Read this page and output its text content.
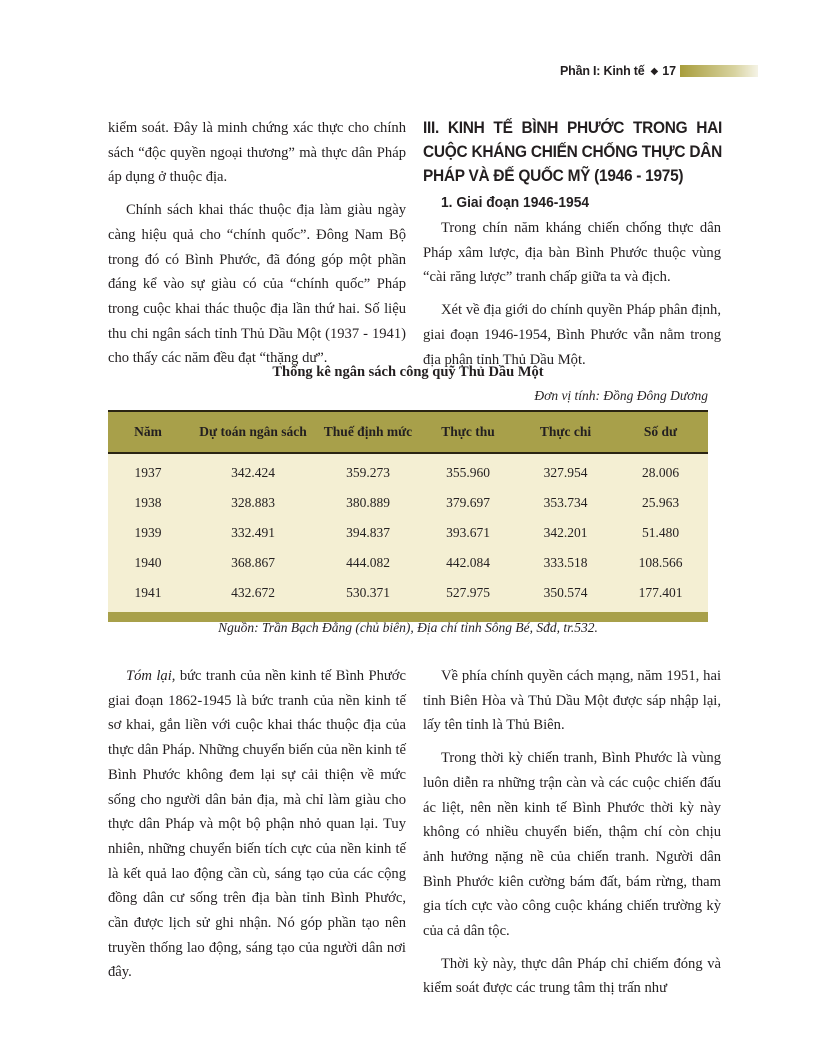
Phần I: Kinh tế ◆ 17

kiểm soát. Đây là minh chứng xác thực cho chính sách “độc quyền ngoại thương” mà thực dân Pháp áp dụng ở thuộc địa.

Chính sách khai thác thuộc địa làm giàu ngày càng hiệu quả cho “chính quốc”. Đông Nam Bộ trong đó có Bình Phước, đã đóng góp một phần đáng kể vào sự giàu có của “chính quốc” Pháp trong cuộc khai thác thuộc địa lần thứ hai. Số liệu thu chi ngân sách tỉnh Thủ Dầu Một (1937 - 1941) cho thấy các năm đều đạt “thặng dư”.

III. KINH TẾ BÌNH PHƯỚC TRONG HAI CUỘC KHÁNG CHIẾN CHỐNG THỰC DÂN PHÁP VÀ ĐẾ QUỐC MỸ (1946 - 1975)
1. Giai đoạn 1946-1954

Trong chín năm kháng chiến chống thực dân Pháp xâm lược, địa bàn Bình Phước thuộc vùng “cài răng lược” tranh chấp giữa ta và địch.

Xét về địa giới do chính quyền Pháp phân định, giai đoạn 1946-1954, Bình Phước vẫn nằm trong địa phận tỉnh Thủ Dầu Một.

Thống kê ngân sách công quỹ Thủ Dầu Một
Đơn vị tính: Đồng Đông Dương
Năm	Dự toán ngân sách	Thuế định mức	Thực thu	Thực chi	Số dư
1937	342.424	359.273	355.960	327.954	28.006
1938	328.883	380.889	379.697	353.734	25.963
1939	332.491	394.837	393.671	342.201	51.480
1940	368.867	444.082	442.084	333.518	108.566
1941	432.672	530.371	527.975	350.574	177.401
Nguồn: Trần Bạch Đằng (chủ biên), Địa chí tỉnh Sông Bé, Sđd, tr.532.

Tóm lại, bức tranh của nền kinh tế Bình Phước giai đoạn 1862-1945 là bức tranh của nền kinh tế sơ khai, gắn liền với cuộc khai thác thuộc địa của thực dân Pháp. Những chuyển biến của nền kinh tế Bình Phước không đem lại sự cải thiện về mức sống cho người dân bản địa, mà chỉ làm giàu cho thực dân Pháp và một bộ phận nhỏ quan lại. Tuy nhiên, những chuyển biến tích cực của nền kinh tế là kết quả lao động cần cù, sáng tạo của các cộng đồng dân cư sống trên địa bàn tỉnh Bình Phước, cần được lịch sử ghi nhận. Nó góp phần tạo nên truyền thống lao động, sáng tạo của người dân nơi đây.

Về phía chính quyền cách mạng, năm 1951, hai tỉnh Biên Hòa và Thủ Dầu Một được sáp nhập lại, lấy tên tỉnh là Thủ Biên.

Trong thời kỳ chiến tranh, Bình Phước là vùng luôn diễn ra những trận càn và các cuộc chiến đấu ác liệt, nên nền kinh tế Bình Phước thời kỳ này không có nhiều chuyển biến, thậm chí còn chịu ảnh hưởng nặng nề của chiến tranh. Người dân Bình Phước kiên cường bám đất, bám rừng, tham gia tích cực vào công cuộc kháng chiến trường kỳ của cả dân tộc.

Thời kỳ này, thực dân Pháp chỉ chiếm đóng và kiểm soát được các trung tâm thị trấn như
